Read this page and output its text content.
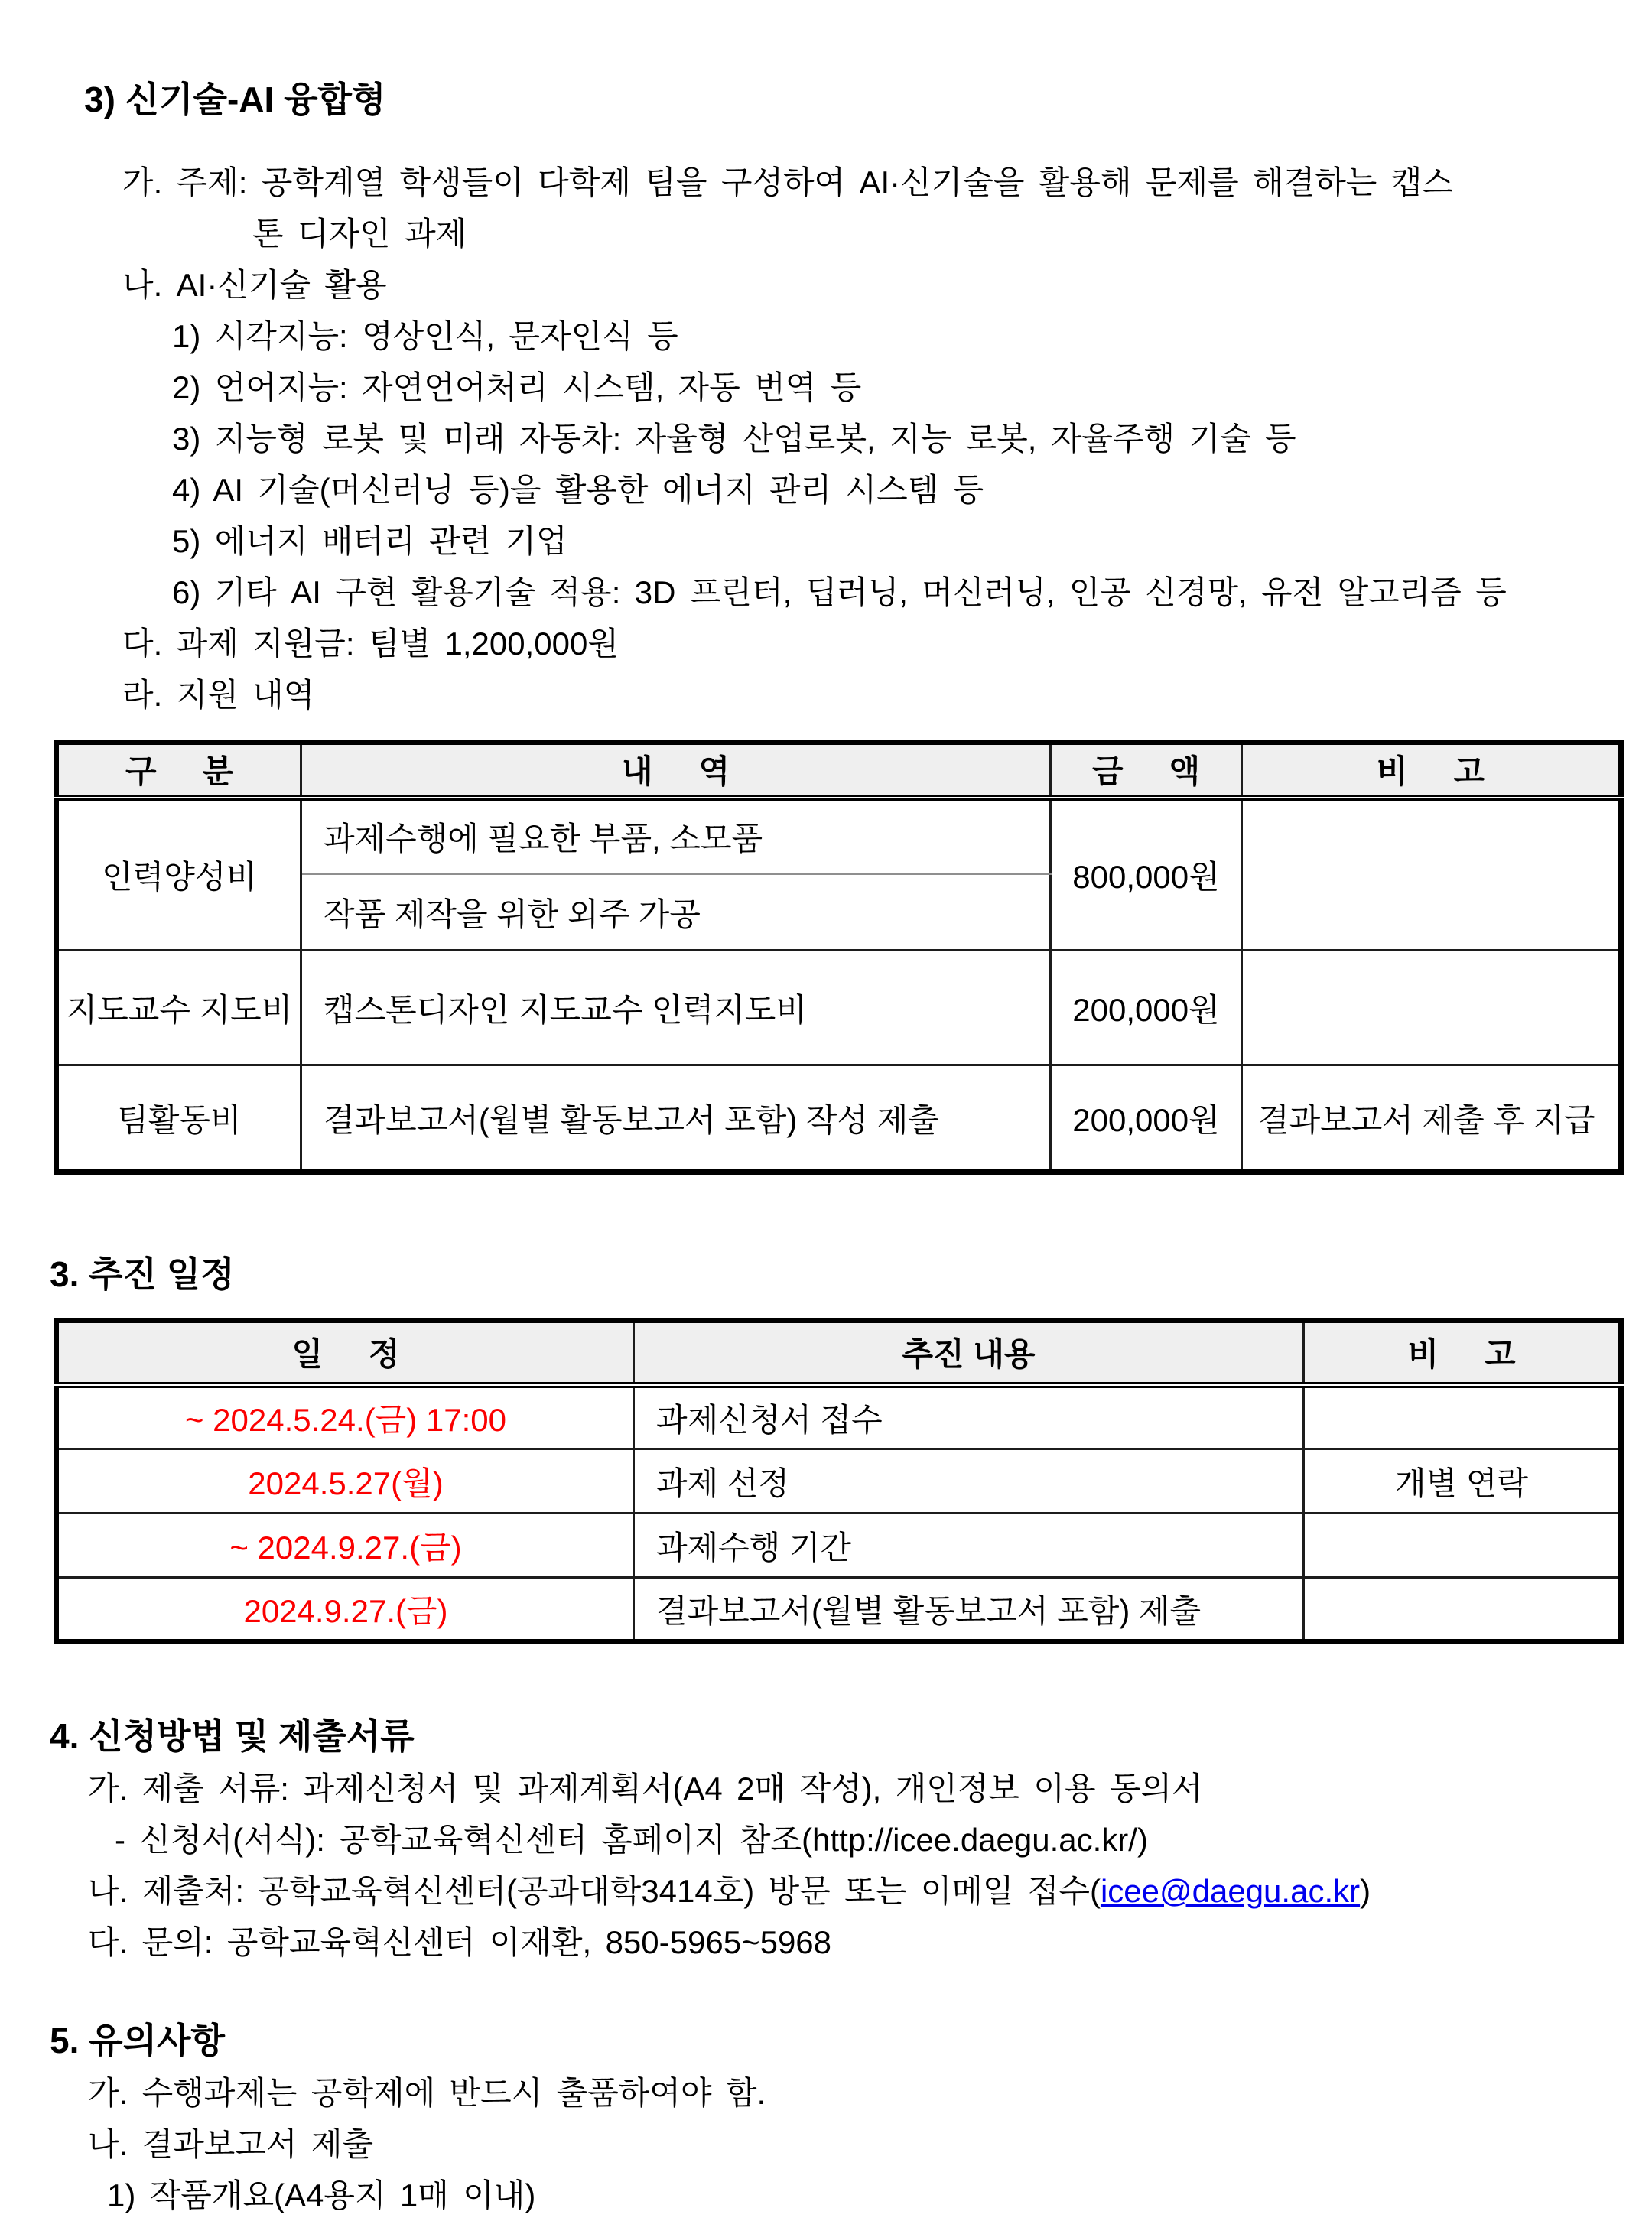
3) 신기술-AI 융합형
가. 주제: 공학계열 학생들이 다학제 팀을 구성하여 AI·신기술을 활용해 문제를 해결하는 캡스
톤 디자인 과제
나. AI·신기술 활용
1) 시각지능: 영상인식, 문자인식 등
2) 언어지능: 자연언어처리 시스템, 자동 번역 등
3) 지능형 로봇 및 미래 자동차: 자율형 산업로봇, 지능 로봇, 자율주행 기술 등
4) AI 기술(머신러닝 등)을 활용한 에너지 관리 시스템 등
5) 에너지 배터리 관련 기업
6) 기타 AI 구현 활용기술 적용: 3D 프린터, 딥러닝, 머신러닝, 인공 신경망, 유전 알고리즘 등
다. 과제 지원금: 팀별 1,200,000원
라. 지원 내역
구 분	내 역	금 액	비 고
인력양성비	과제수행에 필요한 부품, 소모품	800,000원	
	작품 제작을 위한 외주 가공		
지도교수 지도비	캡스톤디자인 지도교수 인력지도비	200,000원	
팀활동비	결과보고서(월별 활동보고서 포함) 작성 제출	200,000원	결과보고서 제출 후 지급
3. 추진 일정
일 정	추진 내용	비 고
~ 2024.5.24.(금) 17:00	과제신청서 접수	
2024.5.27(월)	과제 선정	개별 연락
~ 2024.9.27.(금)	과제수행 기간	
2024.9.27.(금)	결과보고서(월별 활동보고서 포함) 제출	
4. 신청방법 및 제출서류
가. 제출 서류: 과제신청서 및 과제계획서(A4 2매 작성), 개인정보 이용 동의서
- 신청서(서식): 공학교육혁신센터 홈페이지 참조(http://icee.daegu.ac.kr/)
나. 제출처: 공학교육혁신센터(공과대학3414호) 방문 또는 이메일 접수(icee@daegu.ac.kr)
다. 문의: 공학교육혁신센터 이재환, 850-5965~5968
5. 유의사항
가. 수행과제는 공학제에 반드시 출품하여야 함.
나. 결과보고서 제출
1) 작품개요(A4용지 1매 이내)
